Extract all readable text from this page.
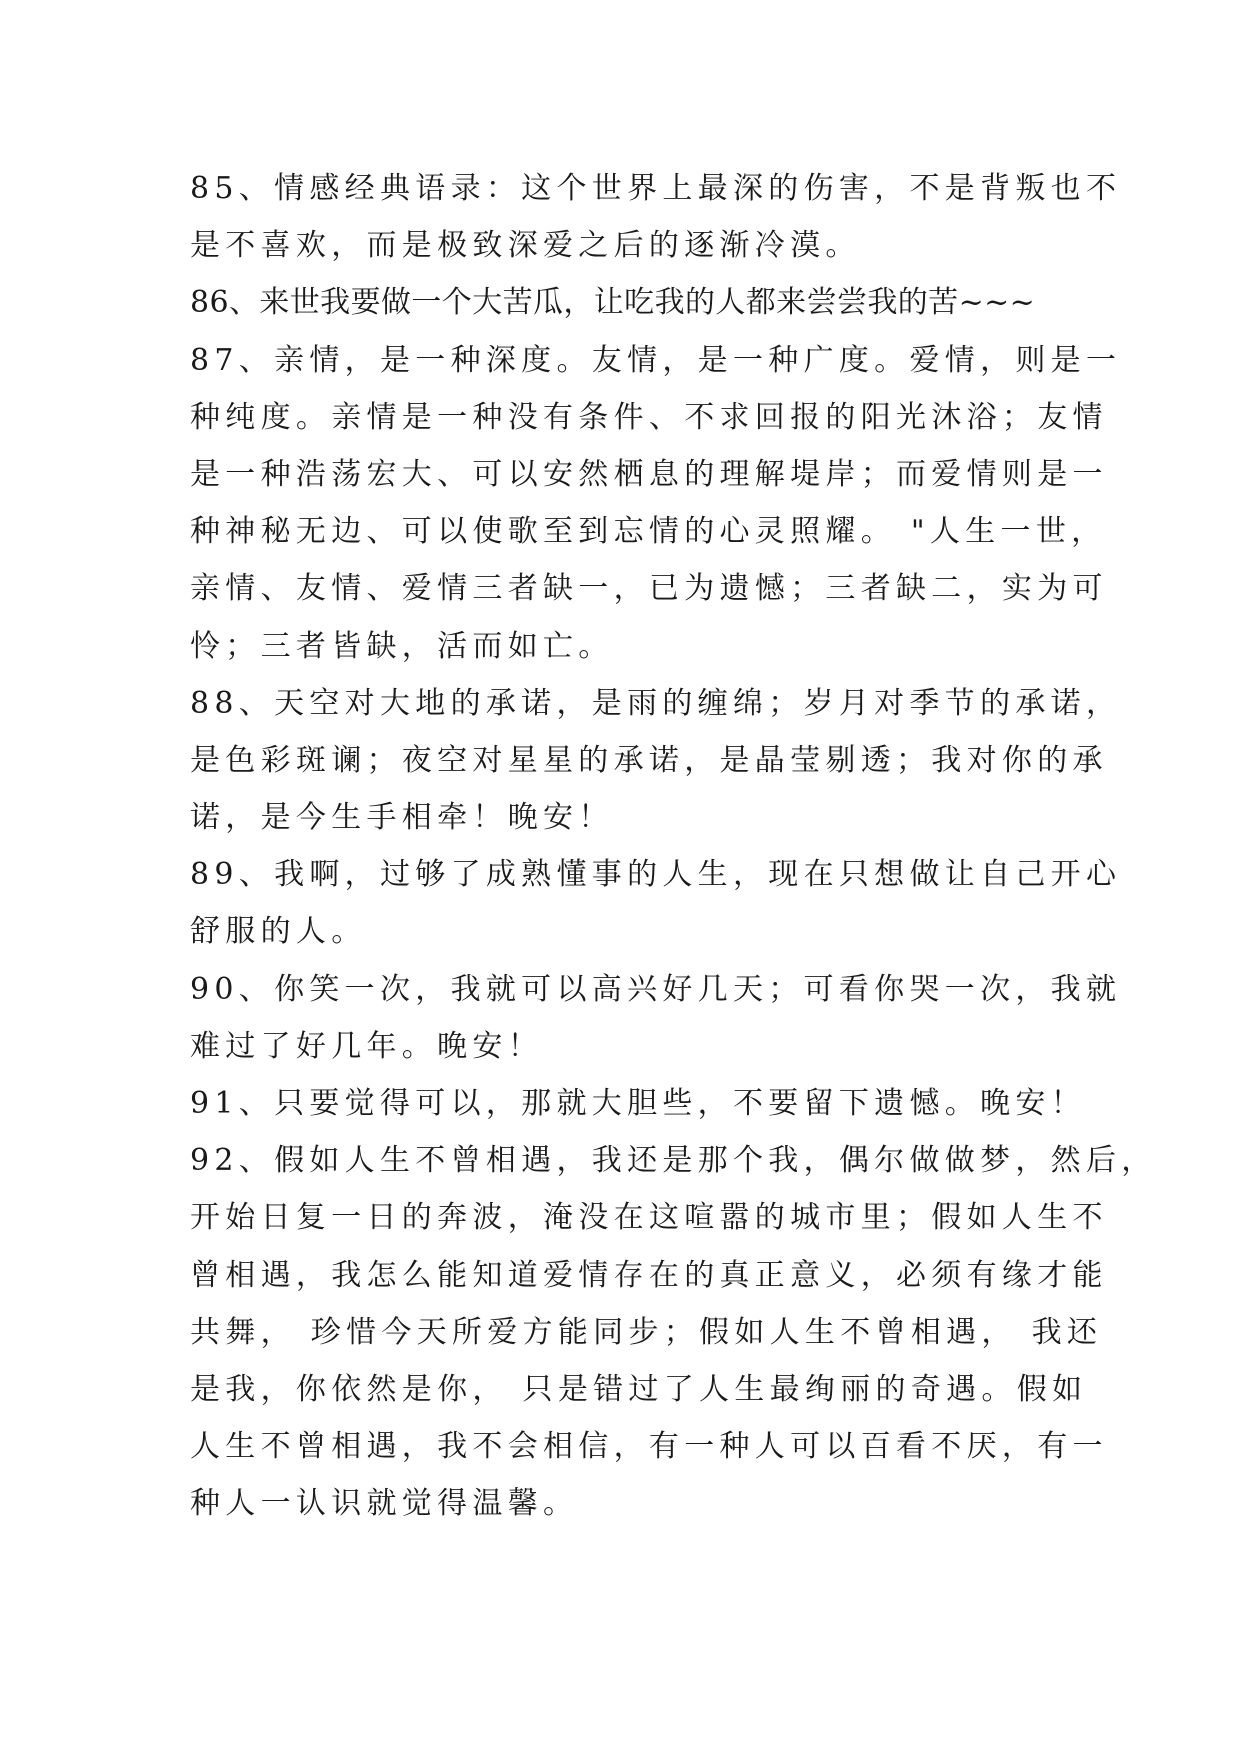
85、情感经典语录：这个世界上最深的伤害，不是背叛也不
是不喜欢，而是极致深爱之后的逐渐冷漠。
86、来世我要做一个大苦瓜，让吃我的人都来尝尝我的苦~~~
87、亲情，是一种深度。友情，是一种广度。爱情，则是一
种纯度。亲情是一种没有条件、不求回报的阳光沐浴；友情
是一种浩荡宏大、可以安然栖息的理解堤岸；而爱情则是一
种神秘无边、可以使歌至到忘情的心灵照耀。 "人生一世，
亲情、友情、爱情三者缺一，已为遗憾；三者缺二，实为可
怜；三者皆缺，活而如亡。
88、天空对大地的承诺，是雨的缠绵；岁月对季节的承诺，
是色彩斑谰；夜空对星星的承诺，是晶莹剔透；我对你的承
诺，是今生手相牵！晚安！
89、我啊，过够了成熟懂事的人生，现在只想做让自己开心
舒服的人。
90、你笑一次，我就可以高兴好几天；可看你哭一次，我就
难过了好几年。晚安！
91、只要觉得可以，那就大胆些，不要留下遗憾。晚安！
92、假如人生不曾相遇，我还是那个我，偶尔做做梦，然后，
开始日复一日的奔波，淹没在这喧嚣的城市里；假如人生不
曾相遇，我怎么能知道爱情存在的真正意义，必须有缘才能
共舞， 珍惜今天所爱方能同步；假如人生不曾相遇， 我还
是我，你依然是你， 只是错过了人生最绚丽的奇遇。假如
人生不曾相遇，我不会相信，有一种人可以百看不厌，有一
种人一认识就觉得温馨。
